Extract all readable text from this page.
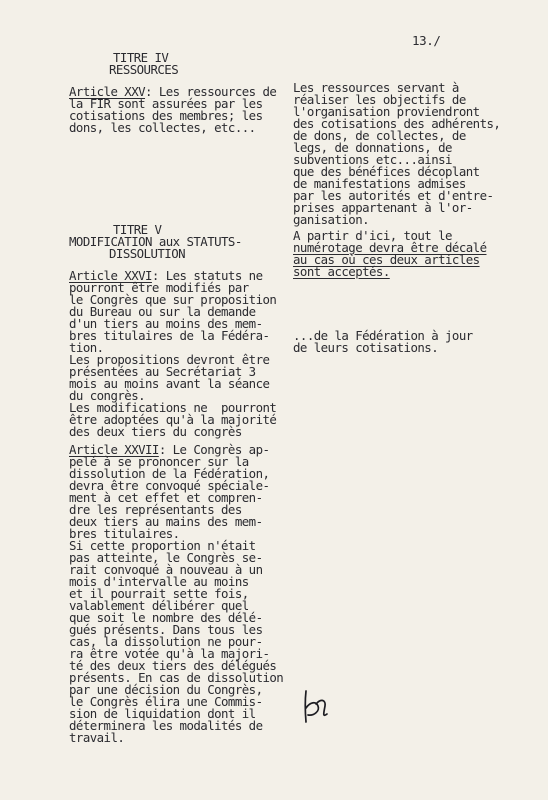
13./
TITRE IV
RESSOURCES
Article XXV: Les ressources de
la FIR sont assurées par les
cotisations des membres; les
dons, les collectes, etc...
TITRE V
MODIFICATION aux STATUTS-
DISSOLUTION
Article XXVI: Les statuts ne
pourront être modifiés par
le Congrès que sur proposition
du Bureau ou sur la demande
d'un tiers au moins des mem-
bres titulaires de la Fédéra-
tion.
Les propositions devront être
présentées au Secrétariat 3
mois au moins avant la séance
du congrès.
Les modifications ne  pourront
être adoptées qu'à la majorité
des deux tiers du congrès
Article XXVII: Le Congrès ap-
pelé à se prononcer sur la
dissolution de la Fédération,
devra être convoqué spéciale-
ment à cet effet et compren-
dre les représentants des
deux tiers au mains des mem-
bres titulaires.
Si cette proportion n'était
pas atteinte, le Congrès se-
rait convoqué à nouveau à un
mois d'intervalle au moins
et il pourrait sette fois,
valablement délibérer quel
que soit le nombre des délé-
gués présents. Dans tous les
cas, la dissolution ne pour-
ra être votée qu'à la majori-
té des deux tiers des délégués
présents. En cas de dissolution
par une décision du Congrès,
le Congrès élira une Commis-
sion de liquidation dont il
déterminera les modalités de
travail.
Les ressources servant à
réaliser les objectifs de
l'organisation proviendront
des cotisations des adhérents,
de dons, de collectes, de
legs, de donnations, de
subventions etc...ainsi
que des bénéfices décoplant
de manifestations admises
par les autorités et d'entre-
prises appartenant à l'or-
ganisation.
A partir d'ici, tout le
numérotage devra être décalé
au cas où ces deux articles
sont acceptés.
...de la Fédération à jour
de leurs cotisations.
